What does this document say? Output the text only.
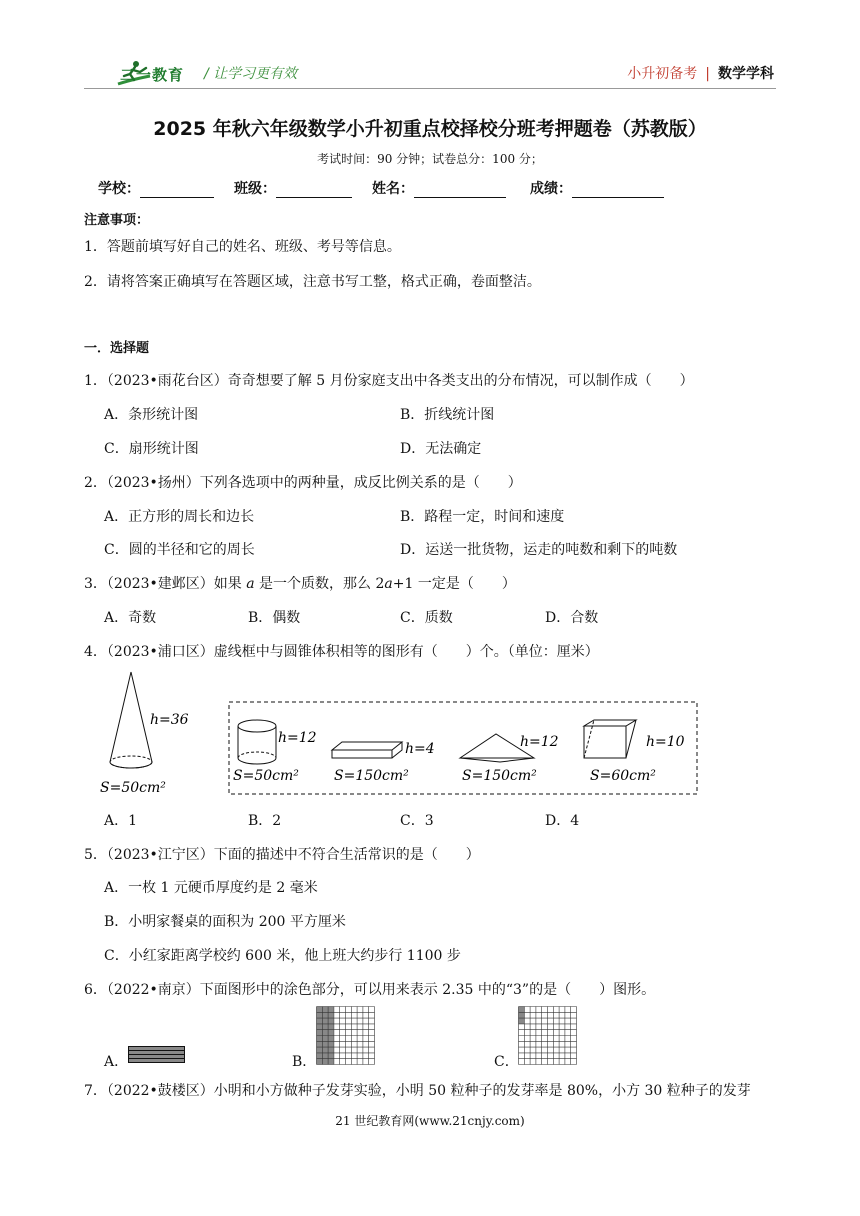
二一教育 / 让学习更有效	小升初备考 | 数学学科
2025 年秋六年级数学小升初重点校择校分班考押题卷（苏教版）
考试时间：90 分钟；试卷总分：100 分；
学校：	班级：	姓名：	成绩：
注意事项：
1．答题前填写好自己的姓名、班级、考号等信息。
2．请将答案正确填写在答题区域，注意书写工整，格式正确，卷面整洁。
一．选择题
1．（2023•雨花台区）奇奇想要了解 5 月份家庭支出中各类支出的分布情况，可以制作成（　　）
A．条形统计图	B．折线统计图
C．扇形统计图	D．无法确定
2．（2023•扬州）下列各选项中的两种量，成反比例关系的是（　　）
A．正方形的周长和边长	B．路程一定，时间和速度
C．圆的半径和它的周长	D．运送一批货物，运走的吨数和剩下的吨数
3．（2023•建邺区）如果 a 是一个质数，那么 2a+1 一定是（　　）
A．奇数	B．偶数	C．质数	D．合数
4．（2023•浦口区）虚线框中与圆锥体积相等的图形有（　　）个。（单位：厘米）
h=36
S=50cm²
h=12
S=50cm²
h=4
S=150cm²
h=12
S=150cm²
h=10
S=60cm²
A．1	B．2	C．3	D．4
5．（2023•江宁区）下面的描述中不符合生活常识的是（　　）
A．一枚 1 元硬币厚度约是 2 毫米
B．小明家餐桌的面积为 200 平方厘米
C．小红家距离学校约 600 米，他上班大约步行 1100 步
6．（2022•南京）下面图形中的涂色部分，可以用来表示 2.35 中的“3”的是（　　）图形。
A．	B．	C．
7．（2022•鼓楼区）小明和小方做种子发芽实验，小明 50 粒种子的发芽率是 80%，小方 30 粒种子的发芽
21 世纪教育网(www.21cnjy.com)
